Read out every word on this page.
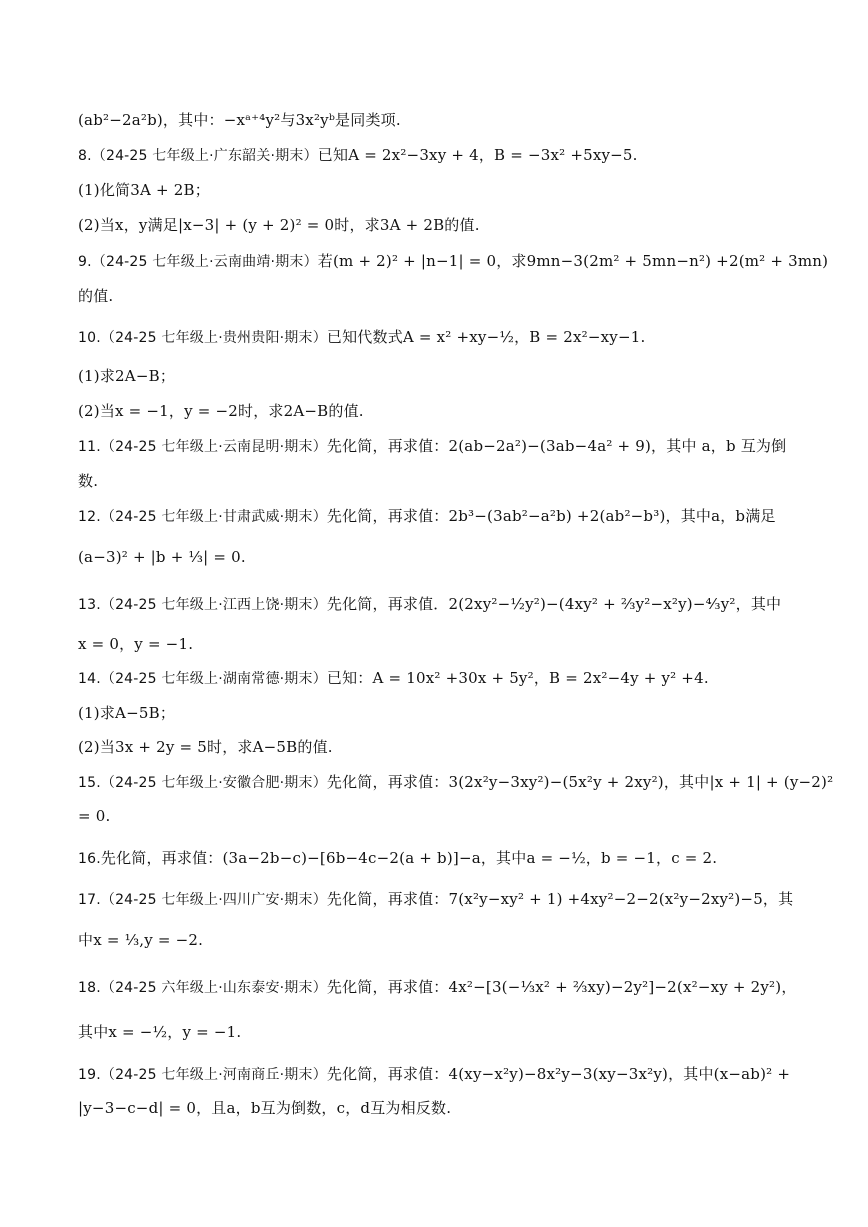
(ab²−2a²b)，其中：−xᵃ⁺⁴y²与3x²yᵇ是同类项.
8.（24-25 七年级上·广东韶关·期末）已知A = 2x²−3xy + 4，B = −3x² +5xy−5.
(1)化简3A + 2B；
(2)当x，y满足|x−3| + (y + 2)² = 0时，求3A + 2B的值.
9.（24-25 七年级上·云南曲靖·期末）若(m + 2)² + |n−1| = 0，求9mn−3(2m² + 5mn−n²) +2(m² + 3mn)
的值.
10.（24-25 七年级上·贵州贵阳·期末）已知代数式A = x² +xy−½，B = 2x²−xy−1.
(1)求2A−B；
(2)当x = −1，y = −2时，求2A−B的值.
11.（24-25 七年级上·云南昆明·期末）先化简，再求值：2(ab−2a²)−(3ab−4a² + 9)，其中 a，b 互为倒
数.
12.（24-25 七年级上·甘肃武威·期末）先化简，再求值：2b³−(3ab²−a²b) +2(ab²−b³)，其中a，b满足
(a−3)² + |b + ⅓| = 0.
13.（24-25 七年级上·江西上饶·期末）先化简，再求值．2(2xy²−½y²)−(4xy² + ⅔y²−x²y)−⁴⁄₃y²，其中
x = 0，y = −1.
14.（24-25 七年级上·湖南常德·期末）已知：A = 10x² +30x + 5y²，B = 2x²−4y + y² +4.
(1)求A−5B；
(2)当3x + 2y = 5时，求A−5B的值.
15.（24-25 七年级上·安徽合肥·期末）先化简，再求值：3(2x²y−3xy²)−(5x²y + 2xy²)，其中|x + 1| + (y−2)²
= 0.
16.先化简，再求值：(3a−2b−c)−[6b−4c−2(a + b)]−a，其中a = −½，b = −1，c = 2.
17.（24-25 七年级上·四川广安·期末）先化简，再求值：7(x²y−xy² + 1) +4xy²−2−2(x²y−2xy²)−5，其
中x = ⅓,y = −2.
18.（24-25 六年级上·山东泰安·期末）先化简，再求值：4x²−[3(−⅓x² + ⅔xy)−2y²]−2(x²−xy + 2y²)，
其中x = −½，y = −1.
19.（24-25 七年级上·河南商丘·期末）先化简，再求值：4(xy−x²y)−8x²y−3(xy−3x²y)，其中(x−ab)² +
|y−3−c−d| = 0，且a，b互为倒数，c，d互为相反数.
